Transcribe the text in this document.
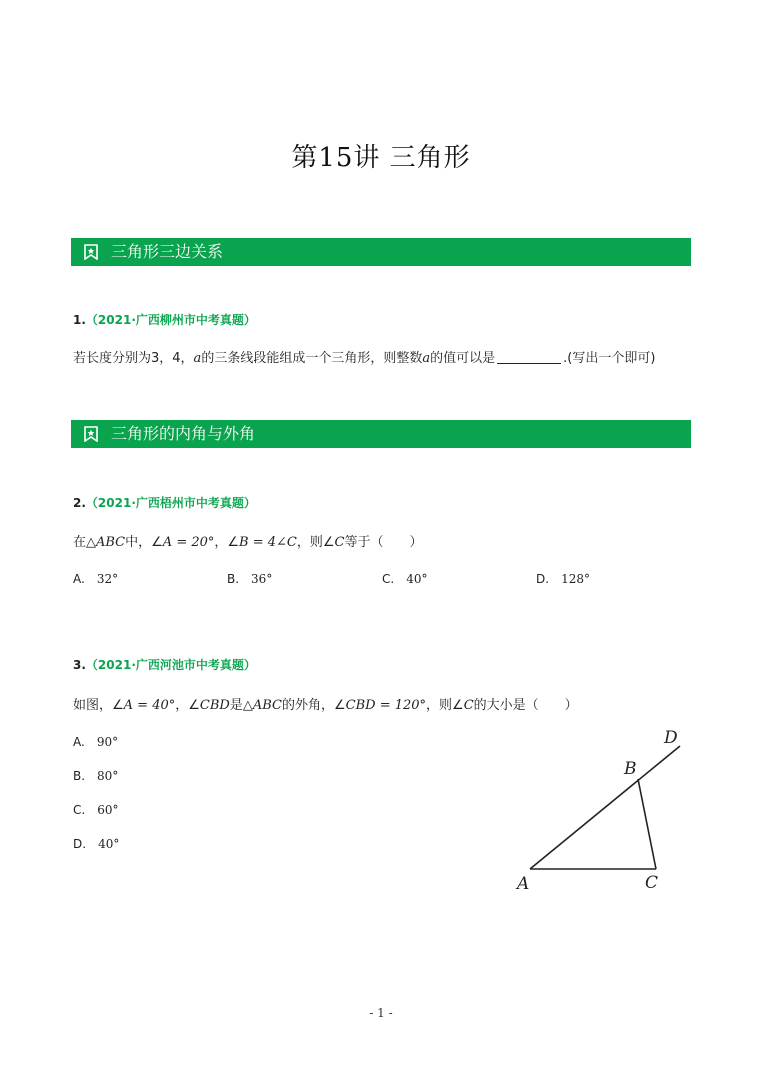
第15讲 三角形
三角形三边关系
1.（2021·广西柳州市中考真题）
若长度分别为3，4，a的三条线段能组成一个三角形，则整数a的值可以是	.(写出一个即可)
三角形的内角与外角
2.（2021·广西梧州市中考真题）
在△ABC中，∠A = 20°，∠B = 4∠C，则∠C等于（　　）
A. 32°	B. 36°	C. 40°	D. 128°
3.（2021·广西河池市中考真题）
如图，∠A = 40°，∠CBD是△ABC的外角，∠CBD = 120°，则∠C的大小是（　　）
A. 90°
B. 80°
C. 60°
D. 40°
D
B
A	C
- 1 -
